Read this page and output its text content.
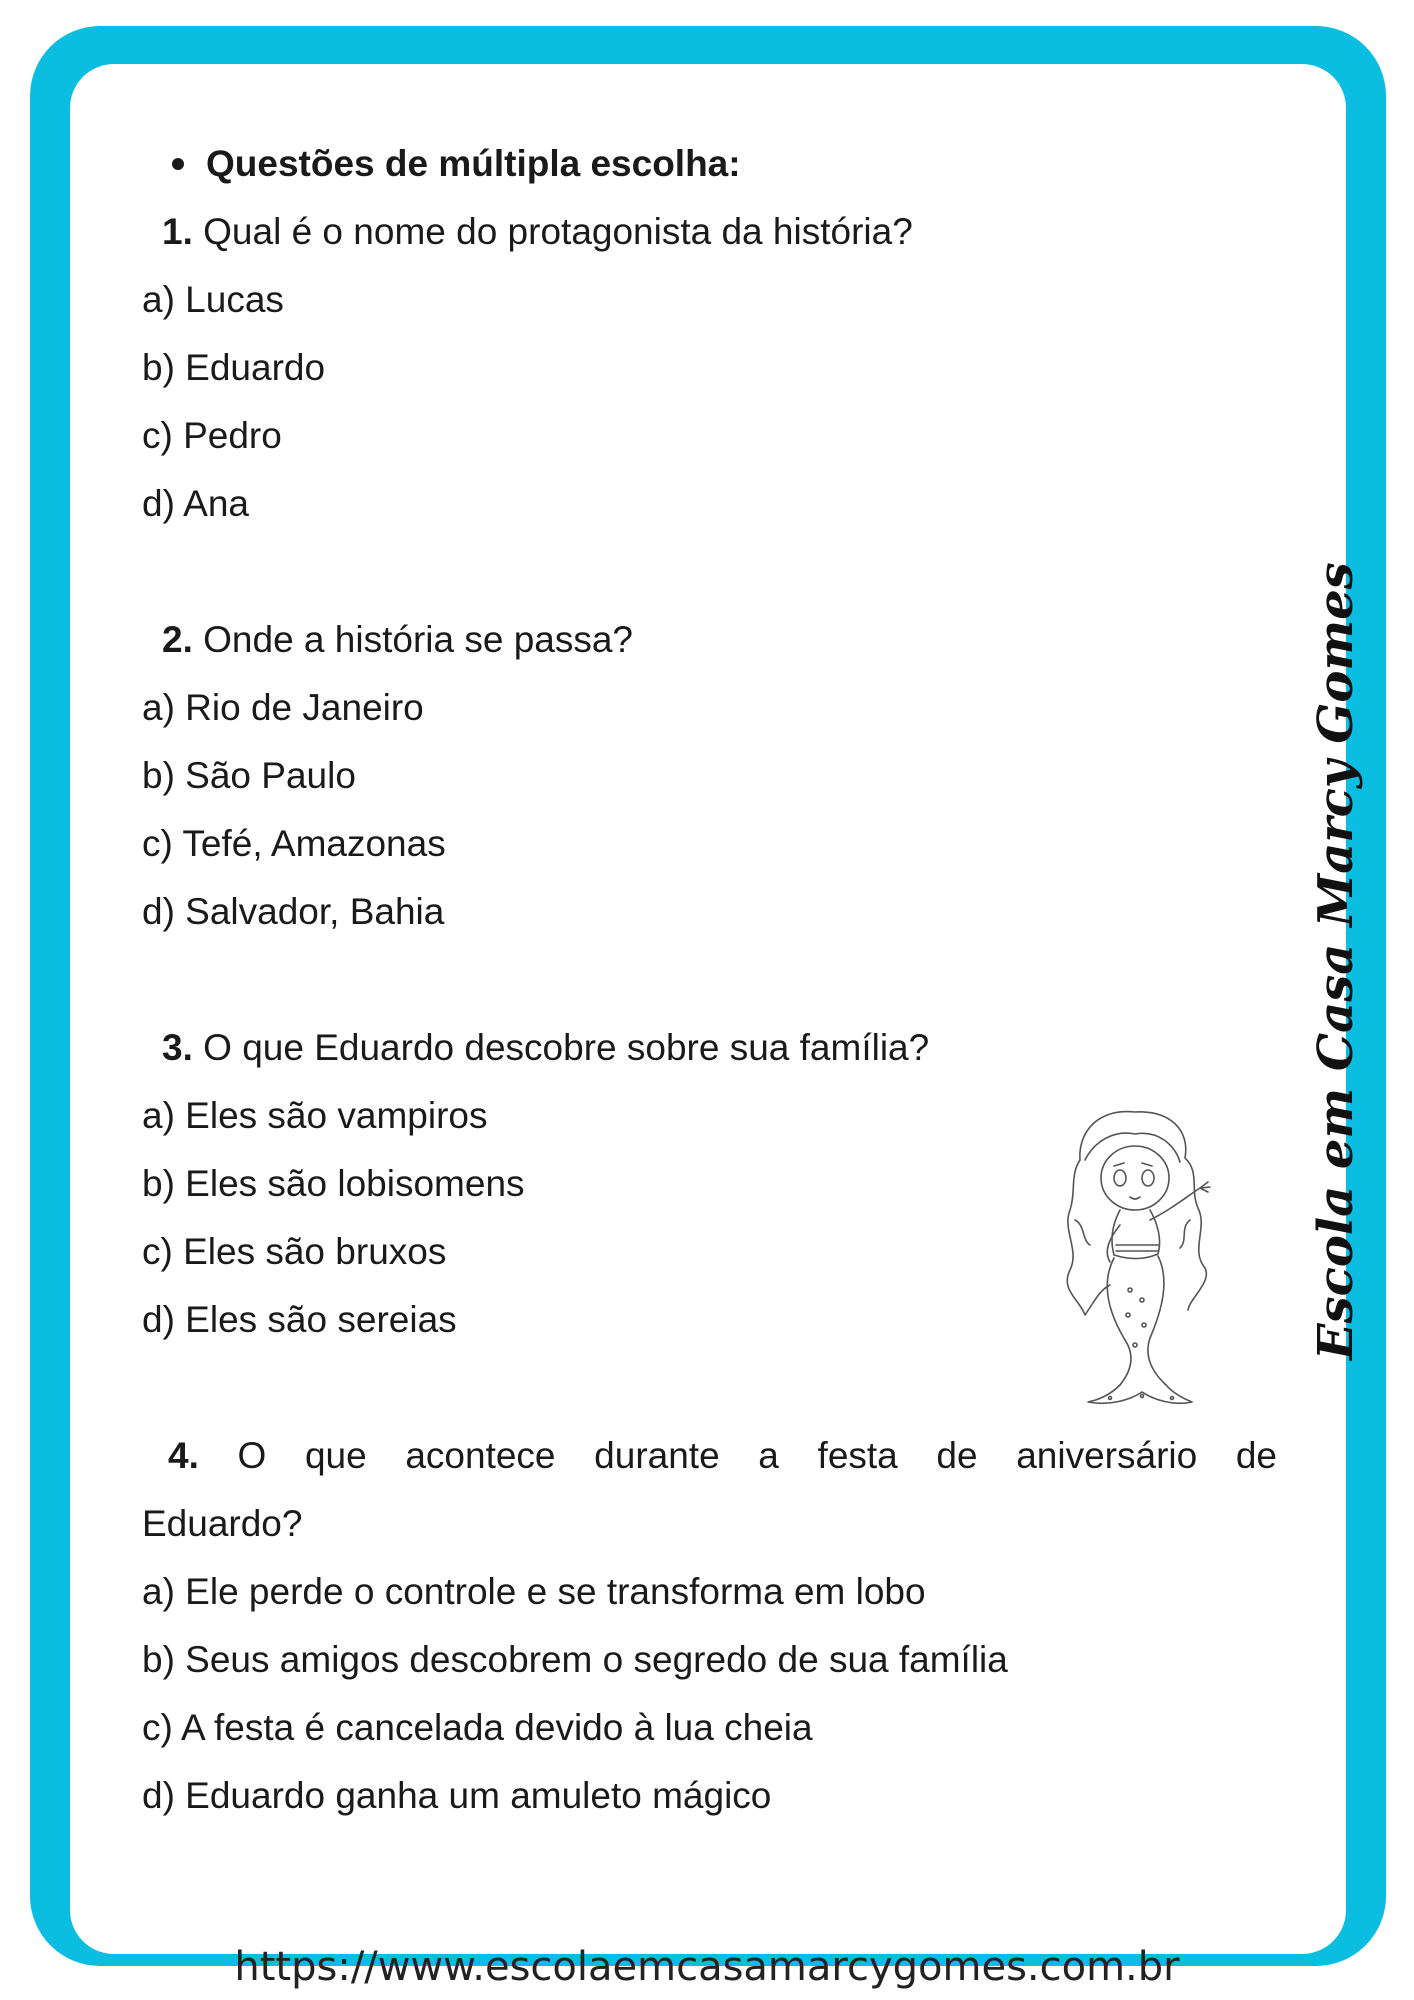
Questões de múltipla escolha:
1. Qual é o nome do protagonista da história?
a) Lucas
b) Eduardo
c) Pedro
d) Ana
2. Onde a história se passa?
a) Rio de Janeiro
b) São Paulo
c) Tefé, Amazonas
d) Salvador, Bahia
3. O que Eduardo descobre sobre sua família?
a) Eles são vampiros
b) Eles são lobisomens
c) Eles são bruxos
d) Eles são sereias
4. O que acontece durante a festa de aniversário de
Eduardo?
a) Ele perde o controle e se transforma em lobo
b) Seus amigos descobrem o segredo de sua família
c) A festa é cancelada devido à lua cheia
d) Eduardo ganha um amuleto mágico
Escola em Casa Marcy Gomes
https://www.escolaemcasamarcygomes.com.br
